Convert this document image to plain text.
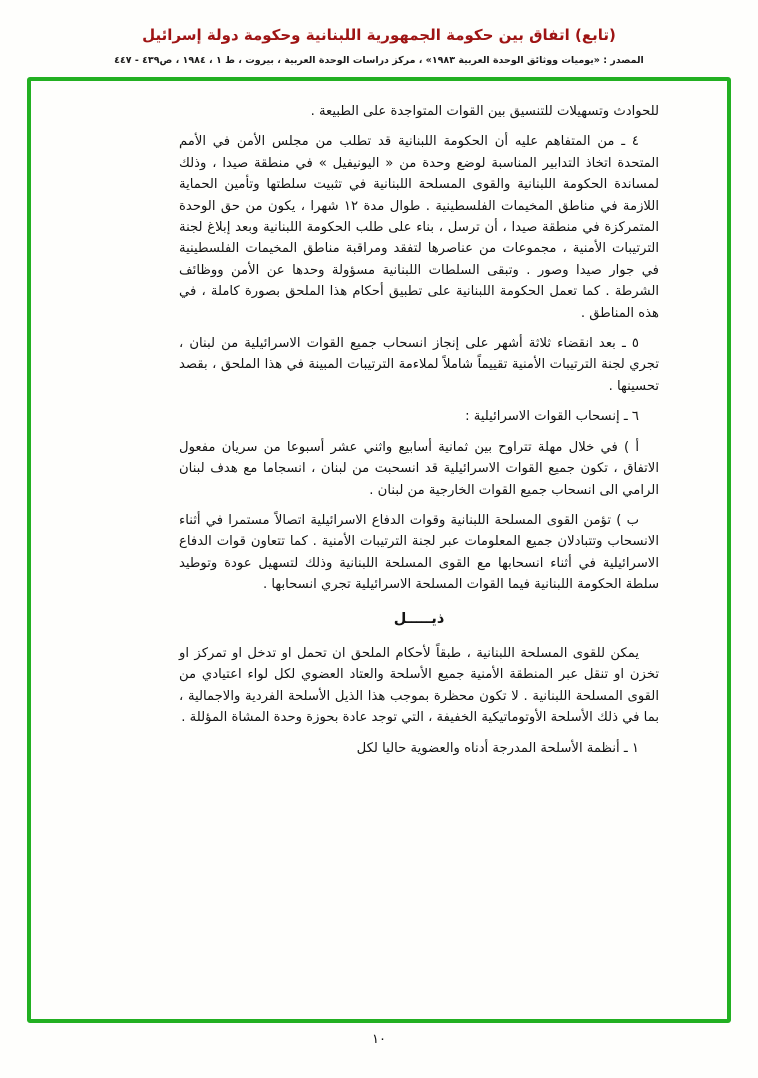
(تابع) اتفاق بين حكومة الجمهورية اللبنانية وحكومة دولة إسرائيل
المصدر : «يوميات ووثائق الوحدة العربية ١٩٨٣» ، مركز دراسات الوحدة العربية ، بيروت ، ط ١ ، ١٩٨٤ ، ص٤٣٩ - ٤٤٧

للحوادث وتسهيلات للتنسيق بين القوات المتواجدة على الطبيعة .

٤ ـ من المتفاهم عليه أن الحكومة اللبنانية قد تطلب من مجلس الأمن في الأمم المتحدة اتخاذ التدابير المناسبة لوضع وحدة من « اليونيفيل » في منطقة صيدا ، وذلك لمساندة الحكومة اللبنانية والقوى المسلحة اللبنانية في تثبيت سلطتها وتأمين الحماية اللازمة في مناطق المخيمات الفلسطينية . طوال مدة ١٢ شهرا ، يكون من حق الوحدة المتمركزة في منطقة صيدا ، أن ترسل ، بناء على طلب الحكومة اللبنانية وبعد إبلاغ لجنة الترتيبات الأمنية ، مجموعات من عناصرها لتفقد ومراقبة مناطق المخيمات الفلسطينية في جوار صيدا وصور . وتبقى السلطات اللبنانية مسؤولة وحدها عن الأمن ووظائف الشرطة . كما تعمل الحكومة اللبنانية على تطبيق أحكام هذا الملحق بصورة كاملة ، في هذه المناطق .

٥ ـ بعد انقضاء ثلاثة أشهر على إنجاز انسحاب جميع القوات الاسرائيلية من لبنان ، تجري لجنة الترتيبات الأمنية تقييماً شاملاً لملاءمة الترتيبات المبينة في هذا الملحق ، بقصد تحسينها .

٦ ـ إنسحاب القوات الاسرائيلية :

أ ) في خلال مهلة تتراوح بين ثمانية أسابيع واثني عشر أسبوعا من سريان مفعول الاتفاق ، تكون جميع القوات الاسرائيلية قد انسحبت من لبنان ، انسجاما مع هدف لبنان الرامي الى انسحاب جميع القوات الخارجية من لبنان .

ب ) تؤمن القوى المسلحة اللبنانية وقوات الدفاع الاسرائيلية اتصالاً مستمرا في أثناء الانسحاب وتتبادلان جميع المعلومات عبر لجنة الترتيبات الأمنية . كما تتعاون قوات الدفاع الاسرائيلية في أثناء انسحابها مع القوى المسلحة اللبنانية وذلك لتسهيل عودة وتوطيد سلطة الحكومة اللبنانية فيما القوات المسلحة الاسرائيلية تجري انسحابها .

ذيـــــل

يمكن للقوى المسلحة اللبنانية ، طبقاً لأحكام الملحق ان تحمل او تدخل او تمركز او تخزن او تنقل عبر المنطقة الأمنية جميع الأسلحة والعتاد العضوي لكل لواء اعتيادي من القوى المسلحة اللبنانية . لا تكون محظرة بموجب هذا الذيل الأسلحة الفردية والاجمالية ، بما في ذلك الأسلحة الأوتوماتيكية الخفيفة ، التي توجد عادة بحوزة وحدة المشاة المؤللة .

١ ـ أنظمة الأسلحة المدرجة أدناه والعضوية حاليا لكل

١٠
